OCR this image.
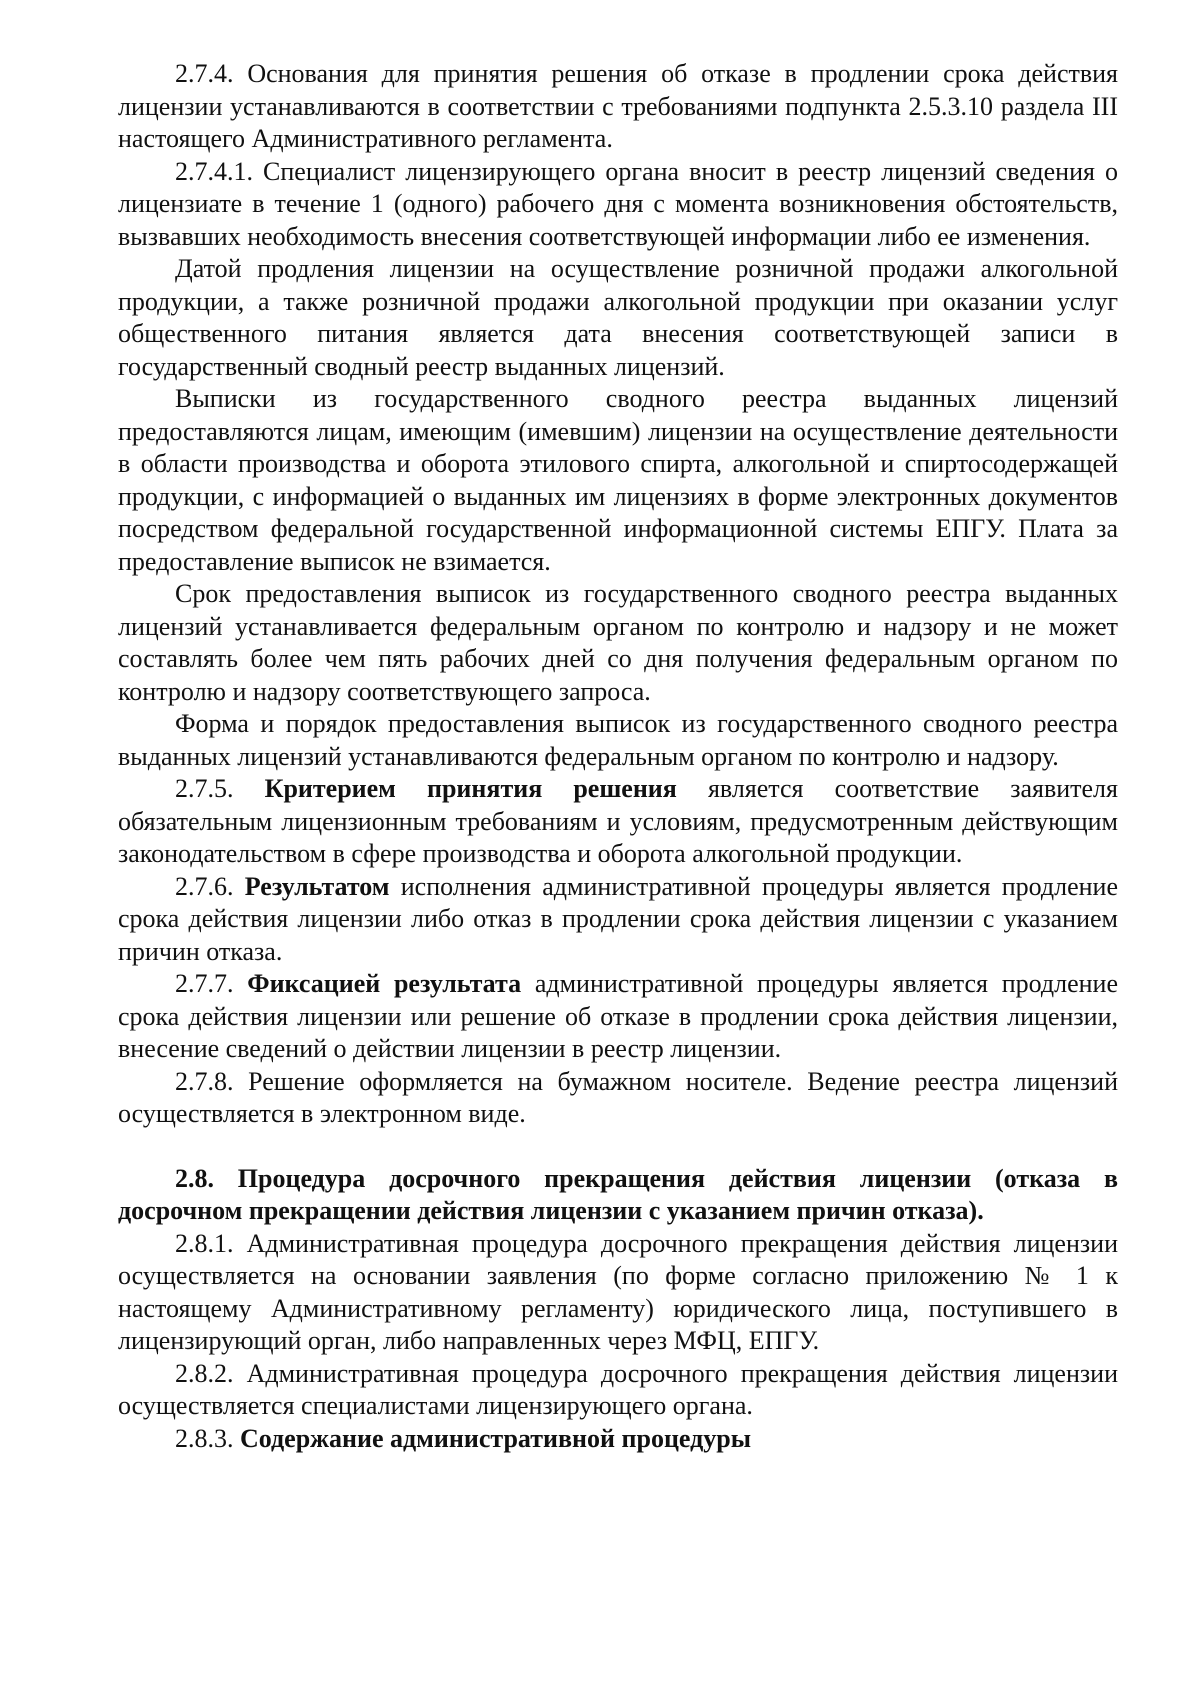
2.7.4. Основания для принятия решения об отказе в продлении срока действия лицензии устанавливаются в соответствии с требованиями подпункта 2.5.3.10 раздела III настоящего Административного регламента.

2.7.4.1. Специалист лицензирующего органа вносит в реестр лицензий сведения о лицензиате в течение 1 (одного) рабочего дня с момента возникновения обстоятельств, вызвавших необходимость внесения соответствующей информации либо ее изменения.

Датой продления лицензии на осуществление розничной продажи алкогольной продукции, а также розничной продажи алкогольной продукции при оказании услуг общественного питания является дата внесения соответствующей записи в государственный сводный реестр выданных лицензий.

Выписки из государственного сводного реестра выданных лицензий предоставляются лицам, имеющим (имевшим) лицензии на осуществление деятельности в области производства и оборота этилового спирта, алкогольной и спиртосодержащей продукции, с информацией о выданных им лицензиях в форме электронных документов посредством федеральной государственной информационной системы ЕПГУ. Плата за предоставление выписок не взимается.

Срок предоставления выписок из государственного сводного реестра выданных лицензий устанавливается федеральным органом по контролю и надзору и не может составлять более чем пять рабочих дней со дня получения федеральным органом по контролю и надзору соответствующего запроса.

Форма и порядок предоставления выписок из государственного сводного реестра выданных лицензий устанавливаются федеральным органом по контролю и надзору.

2.7.5. Критерием принятия решения является соответствие заявителя обязательным лицензионным требованиям и условиям, предусмотренным действующим законодательством в сфере производства и оборота алкогольной продукции.

2.7.6. Результатом исполнения административной процедуры является продление срока действия лицензии либо отказ в продлении срока действия лицензии с указанием причин отказа.

2.7.7. Фиксацией результата административной процедуры является продление срока действия лицензии или решение об отказе в продлении срока действия лицензии, внесение сведений о действии лицензии в реестр лицензии.

2.7.8. Решение оформляется на бумажном носителе. Ведение реестра лицензий осуществляется в электронном виде.

2.8. Процедура досрочного прекращения действия лицензии (отказа в досрочном прекращении действия лицензии с указанием причин отказа).

2.8.1. Административная процедура досрочного прекращения действия лицензии осуществляется на основании заявления (по форме согласно приложению № 1 к настоящему Административному регламенту) юридического лица, поступившего в лицензирующий орган, либо направленных через МФЦ, ЕПГУ.

2.8.2. Административная процедура досрочного прекращения действия лицензии осуществляется специалистами лицензирующего органа.

2.8.3. Содержание административной процедуры
